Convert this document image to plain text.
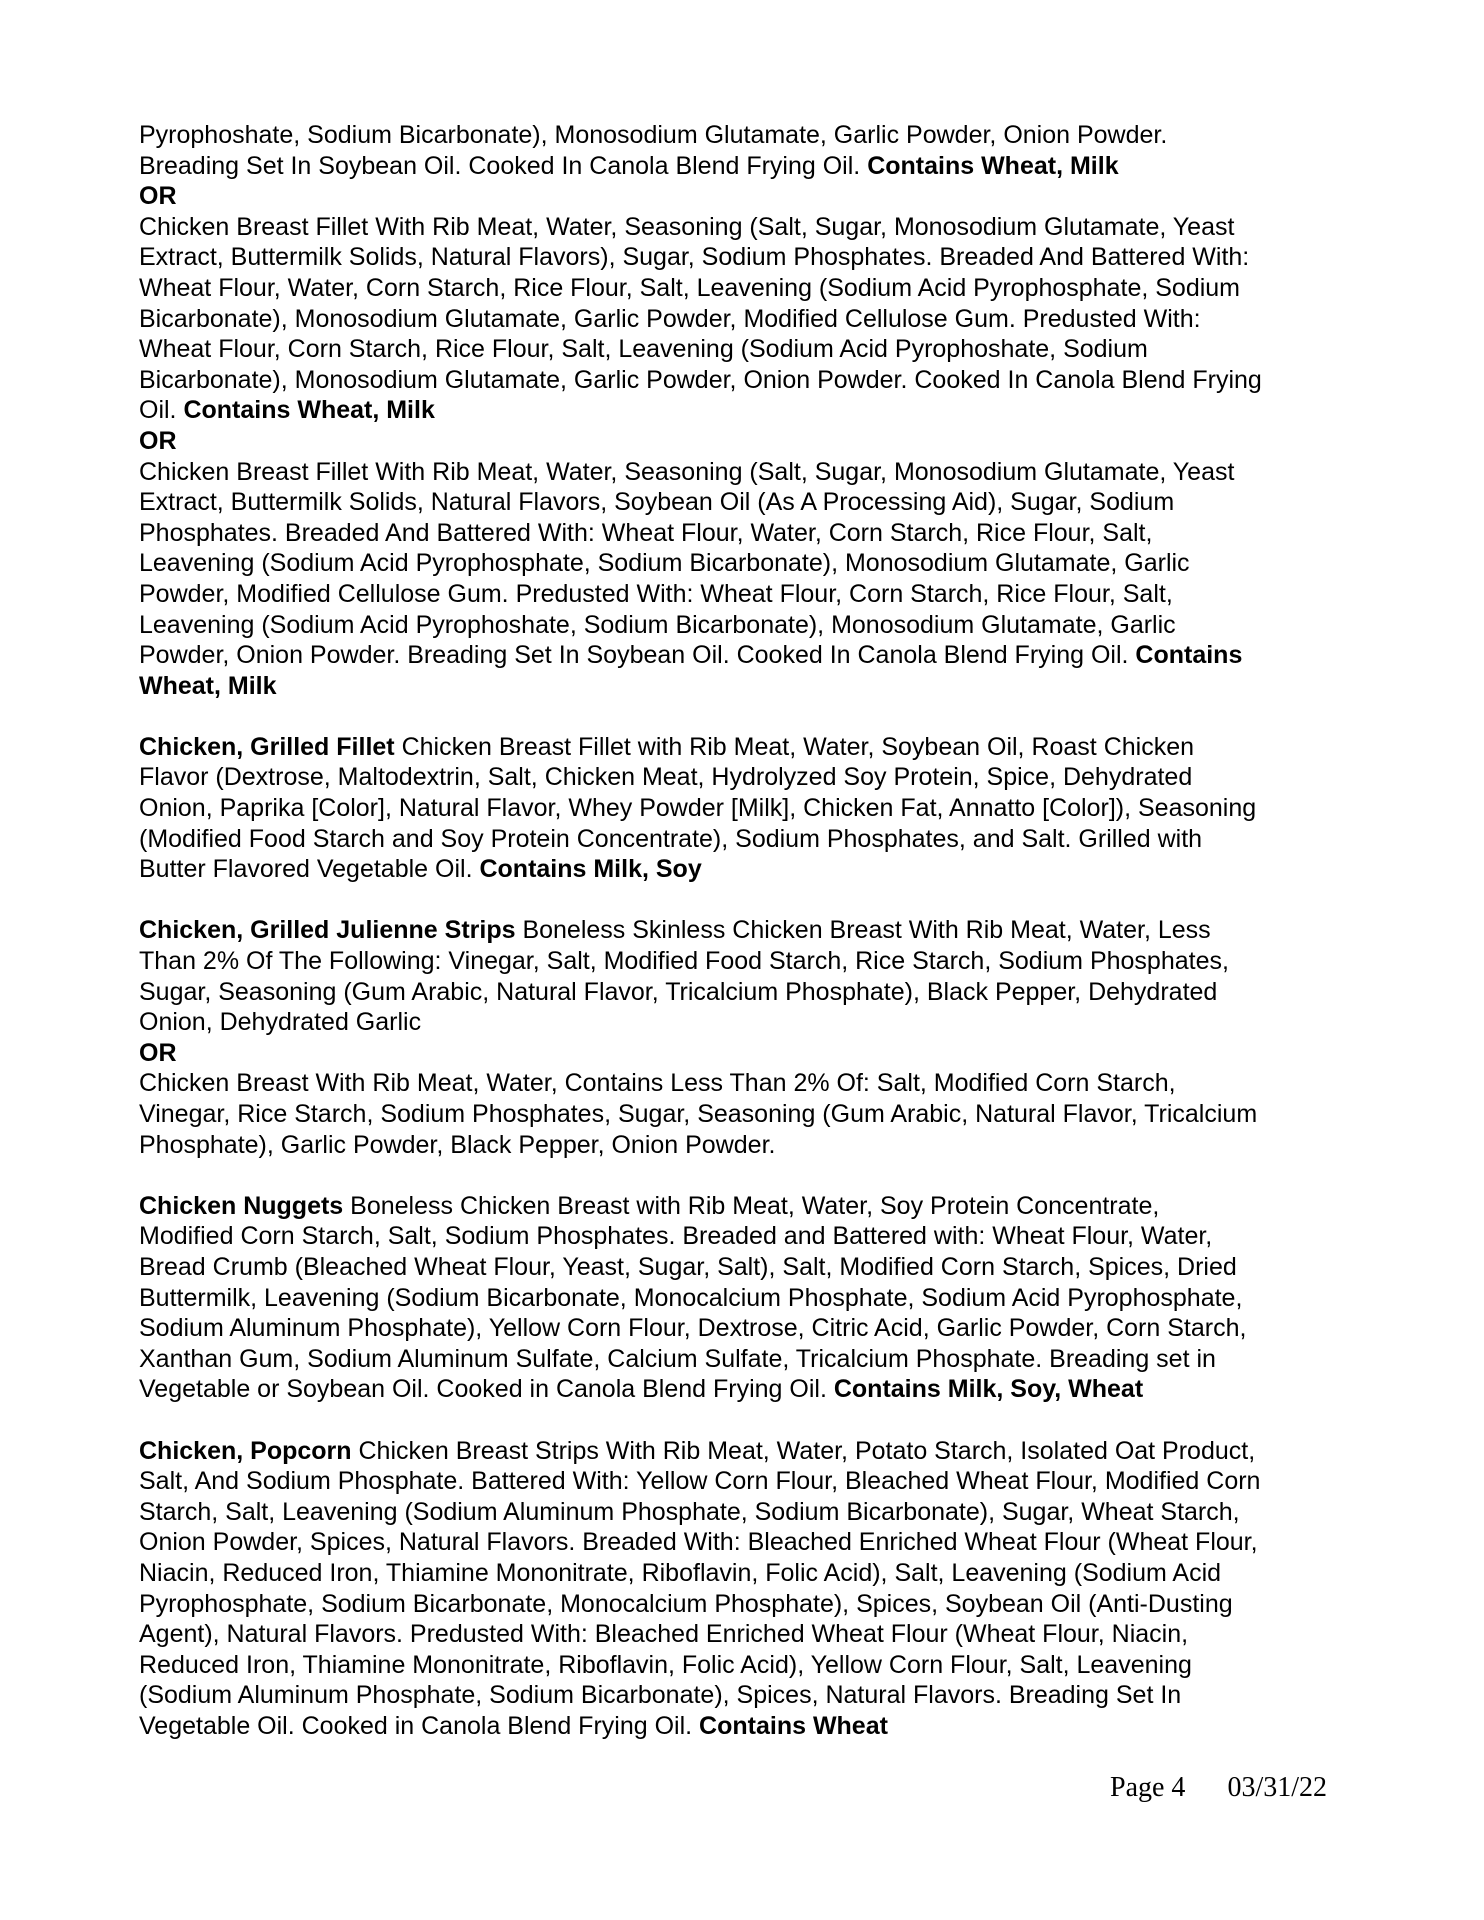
Pyrophoshate, Sodium Bicarbonate), Monosodium Glutamate, Garlic Powder, Onion Powder.
Breading Set In Soybean Oil. Cooked In Canola Blend Frying Oil. Contains Wheat, Milk

OR

Chicken Breast Fillet With Rib Meat, Water, Seasoning (Salt, Sugar, Monosodium Glutamate, Yeast
Extract, Buttermilk Solids, Natural Flavors), Sugar, Sodium Phosphates. Breaded And Battered With:
Wheat Flour, Water, Corn Starch, Rice Flour, Salt, Leavening (Sodium Acid Pyrophosphate, Sodium
Bicarbonate), Monosodium Glutamate, Garlic Powder, Modified Cellulose Gum. Predusted With:
Wheat Flour, Corn Starch, Rice Flour, Salt, Leavening (Sodium Acid Pyrophoshate, Sodium
Bicarbonate), Monosodium Glutamate, Garlic Powder, Onion Powder. Cooked In Canola Blend Frying
Oil. Contains Wheat, Milk

OR

Chicken Breast Fillet With Rib Meat, Water, Seasoning (Salt, Sugar, Monosodium Glutamate, Yeast
Extract, Buttermilk Solids, Natural Flavors, Soybean Oil (As A Processing Aid), Sugar, Sodium
Phosphates. Breaded And Battered With: Wheat Flour, Water, Corn Starch, Rice Flour, Salt,
Leavening (Sodium Acid Pyrophosphate, Sodium Bicarbonate), Monosodium Glutamate, Garlic
Powder, Modified Cellulose Gum. Predusted With: Wheat Flour, Corn Starch, Rice Flour, Salt,
Leavening (Sodium Acid Pyrophoshate, Sodium Bicarbonate), Monosodium Glutamate, Garlic
Powder, Onion Powder. Breading Set In Soybean Oil. Cooked In Canola Blend Frying Oil. Contains
Wheat, Milk

Chicken, Grilled Fillet Chicken Breast Fillet with Rib Meat, Water, Soybean Oil, Roast Chicken
Flavor (Dextrose, Maltodextrin, Salt, Chicken Meat, Hydrolyzed Soy Protein, Spice, Dehydrated
Onion, Paprika [Color], Natural Flavor, Whey Powder [Milk], Chicken Fat, Annatto [Color]), Seasoning
(Modified Food Starch and Soy Protein Concentrate), Sodium Phosphates, and Salt. Grilled with
Butter Flavored Vegetable Oil. Contains Milk, Soy

Chicken, Grilled Julienne Strips Boneless Skinless Chicken Breast With Rib Meat, Water, Less
Than 2% Of The Following: Vinegar, Salt, Modified Food Starch, Rice Starch, Sodium Phosphates,
Sugar, Seasoning (Gum Arabic, Natural Flavor, Tricalcium Phosphate), Black Pepper, Dehydrated
Onion, Dehydrated Garlic

OR

Chicken Breast With Rib Meat, Water, Contains Less Than 2% Of: Salt, Modified Corn Starch,
Vinegar, Rice Starch, Sodium Phosphates, Sugar, Seasoning (Gum Arabic, Natural Flavor, Tricalcium
Phosphate), Garlic Powder, Black Pepper, Onion Powder.

Chicken Nuggets Boneless Chicken Breast with Rib Meat, Water, Soy Protein Concentrate,
Modified Corn Starch, Salt, Sodium Phosphates. Breaded and Battered with: Wheat Flour, Water,
Bread Crumb (Bleached Wheat Flour, Yeast, Sugar, Salt), Salt, Modified Corn Starch, Spices, Dried
Buttermilk, Leavening (Sodium Bicarbonate, Monocalcium Phosphate, Sodium Acid Pyrophosphate,
Sodium Aluminum Phosphate), Yellow Corn Flour, Dextrose, Citric Acid, Garlic Powder, Corn Starch,
Xanthan Gum, Sodium Aluminum Sulfate, Calcium Sulfate, Tricalcium Phosphate. Breading set in
Vegetable or Soybean Oil. Cooked in Canola Blend Frying Oil. Contains Milk, Soy, Wheat

Chicken, Popcorn Chicken Breast Strips With Rib Meat, Water, Potato Starch, Isolated Oat Product,
Salt, And Sodium Phosphate. Battered With: Yellow Corn Flour, Bleached Wheat Flour, Modified Corn
Starch, Salt, Leavening (Sodium Aluminum Phosphate, Sodium Bicarbonate), Sugar, Wheat Starch,
Onion Powder, Spices, Natural Flavors. Breaded With: Bleached Enriched Wheat Flour (Wheat Flour,
Niacin, Reduced Iron, Thiamine Mononitrate, Riboflavin, Folic Acid), Salt, Leavening (Sodium Acid
Pyrophosphate, Sodium Bicarbonate, Monocalcium Phosphate), Spices, Soybean Oil (Anti-Dusting
Agent), Natural Flavors. Predusted With: Bleached Enriched Wheat Flour (Wheat Flour, Niacin,
Reduced Iron, Thiamine Mononitrate, Riboflavin, Folic Acid), Yellow Corn Flour, Salt, Leavening
(Sodium Aluminum Phosphate, Sodium Bicarbonate), Spices, Natural Flavors. Breading Set In
Vegetable Oil. Cooked in Canola Blend Frying Oil. Contains Wheat

Page 4 03/31/22
